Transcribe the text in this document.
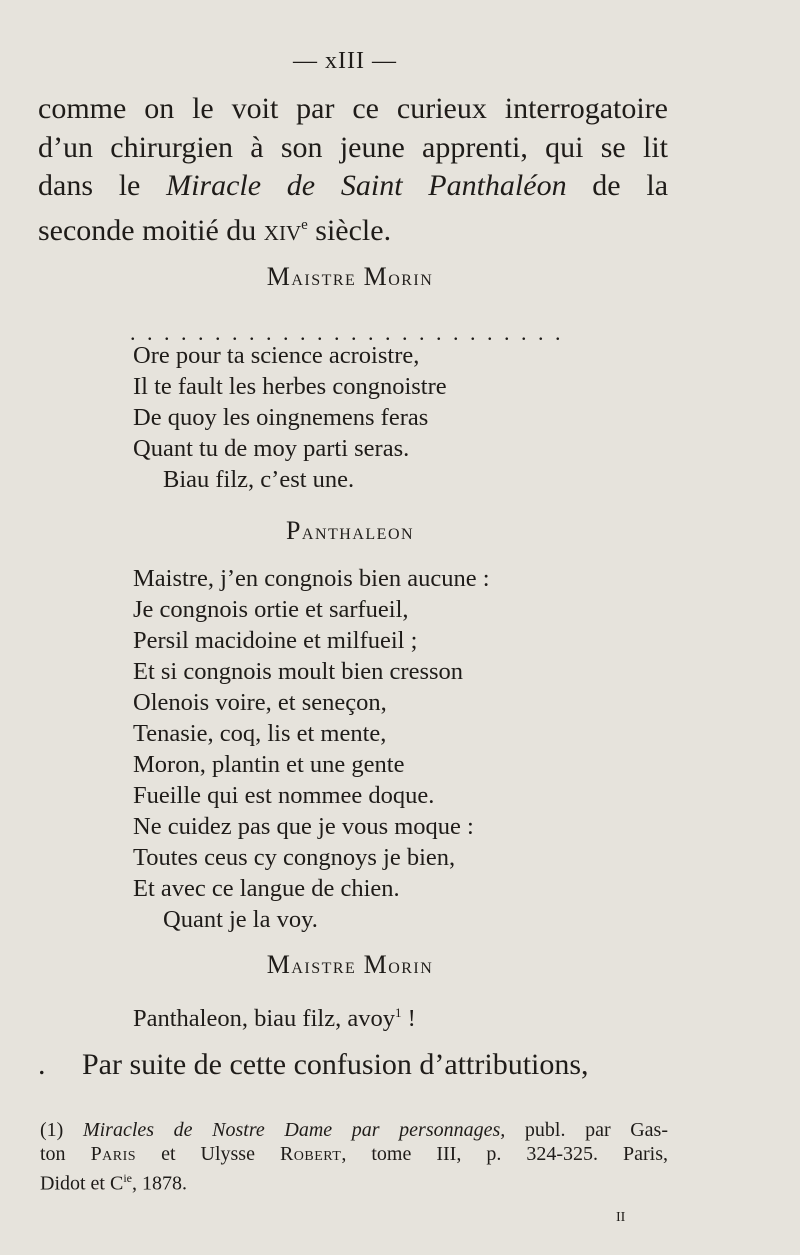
— xIII —
comme on le voit par ce curieux interrogatoire
d’un chirurgien à son jeune apprenti, qui se lit
dans le Miracle de Saint Panthaléon de la
seconde moitié du xiv$^e$ siècle.
Maistre Morin
. . . . . . . . . . . . . . . . . . . . . . . . . .
Ore pour ta science acroistre,
Il te fault les herbes congnoistre
De quoy les oingnemens feras
Quant tu de moy parti seras.
Biau filz, c’est une.
Panthaleon
Maistre, j’en congnois bien aucune :
Je congnois ortie et sarfueil,
Persil macidoine et milfueil ;
Et si congnois moult bien cresson
Olenois voire, et seneçon,
Tenasie, coq, lis et mente,
Moron, plantin et une gente
Fueille qui est nommee doque.
Ne cuidez pas que je vous moque :
Toutes ceus cy congnoys je bien,
Et avec ce langue de chien.
Quant je la voy.
Maistre Morin
Panthaleon, biau filz, avoy$^1$ !
. Par suite de cette confusion d’attributions,
(1) Miracles de Nostre Dame par personnages, publ. par Gas-
ton Paris et Ulysse Robert, tome III, p. 324-325. Paris,
Didot et $C^{ie}$, 1878.
II
